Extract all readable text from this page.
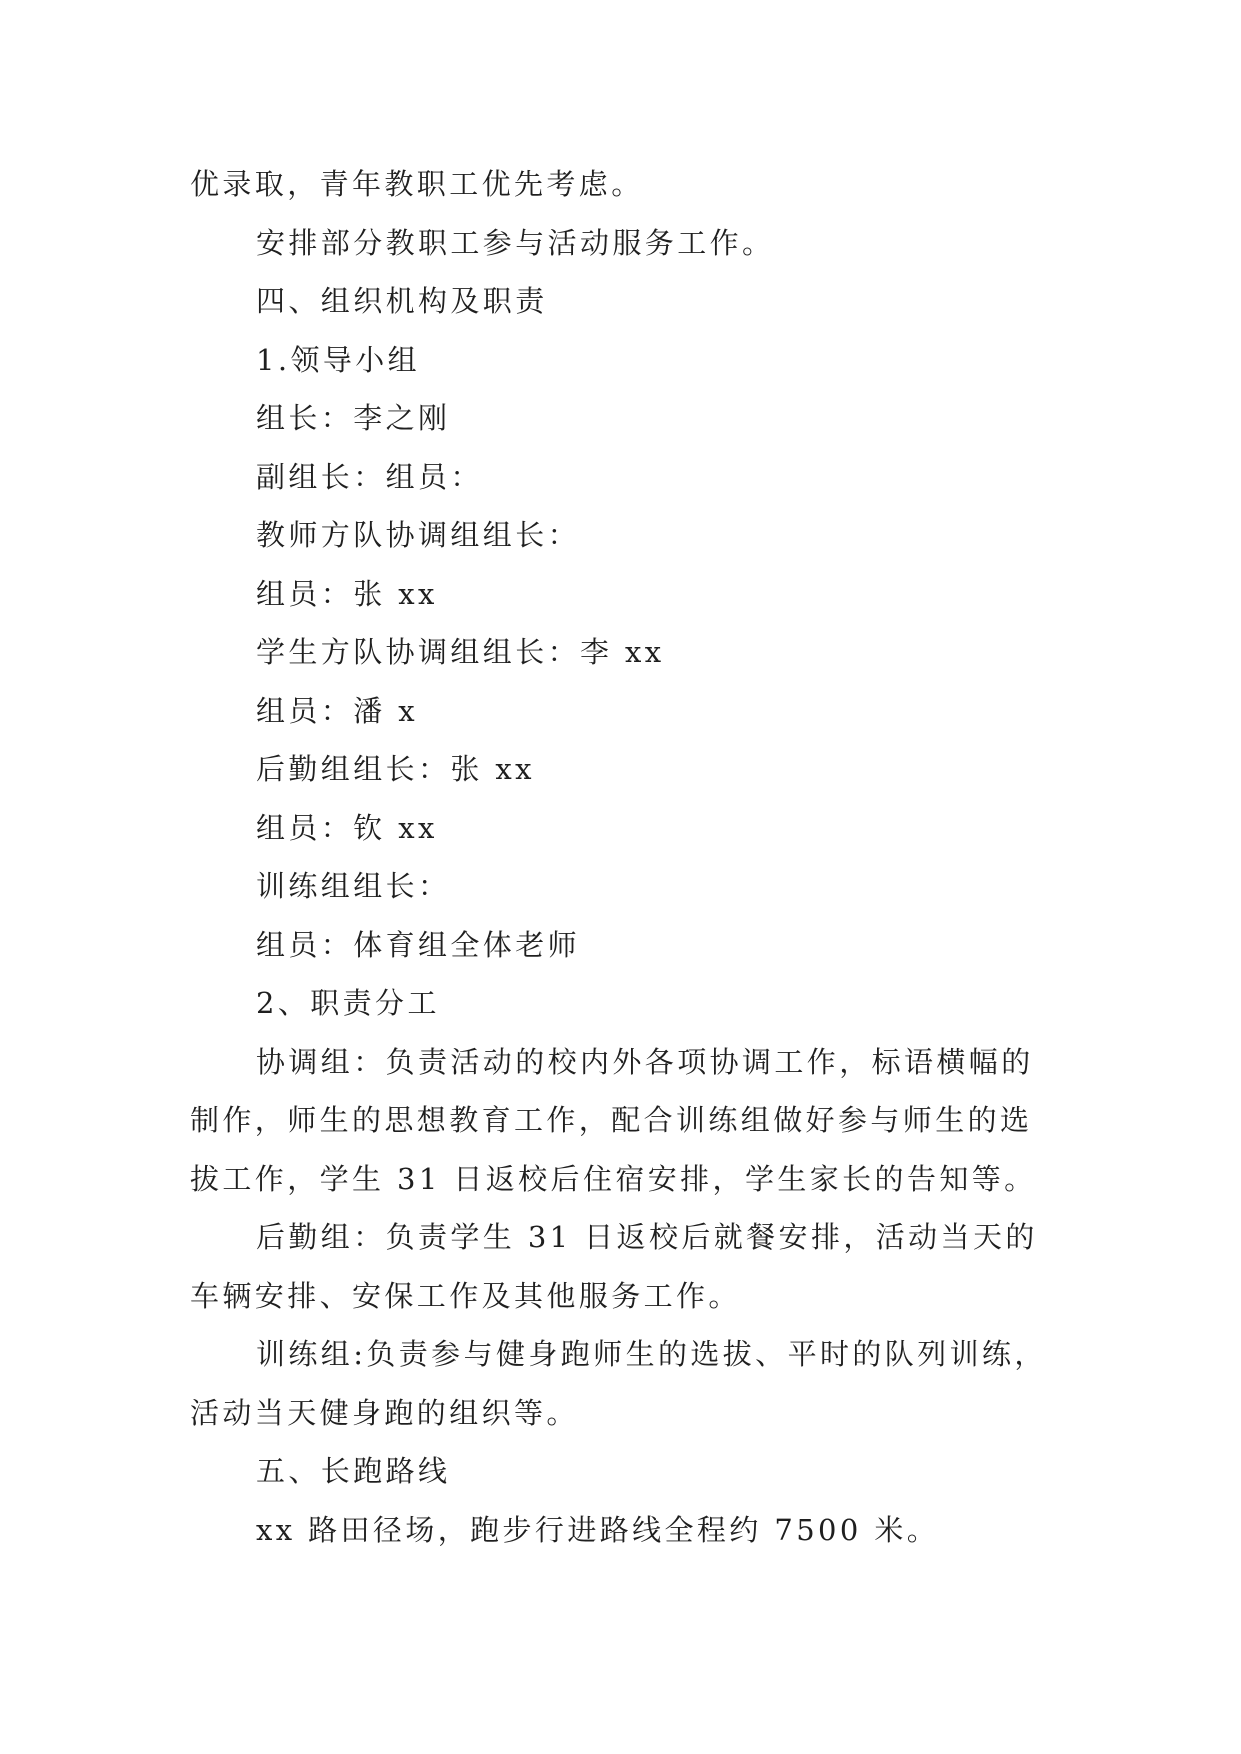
优录取，青年教职工优先考虑。

安排部分教职工参与活动服务工作。

四、组织机构及职责

1.领导小组

组长：李之刚

副组长：组员：

教师方队协调组组长：

组员：张 xx

学生方队协调组组长：李 xx

组员：潘 x

后勤组组长：张 xx

组员：钦 xx

训练组组长：

组员：体育组全体老师

2、职责分工

协调组：负责活动的校内外各项协调工作，标语横幅的

制作，师生的思想教育工作，配合训练组做好参与师生的选

拔工作，学生 31 日返校后住宿安排，学生家长的告知等。

后勤组：负责学生 31 日返校后就餐安排，活动当天的

车辆安排、安保工作及其他服务工作。

训练组:负责参与健身跑师生的选拔、平时的队列训练，

活动当天健身跑的组织等。

五、长跑路线

xx 路田径场，跑步行进路线全程约 7500 米。
